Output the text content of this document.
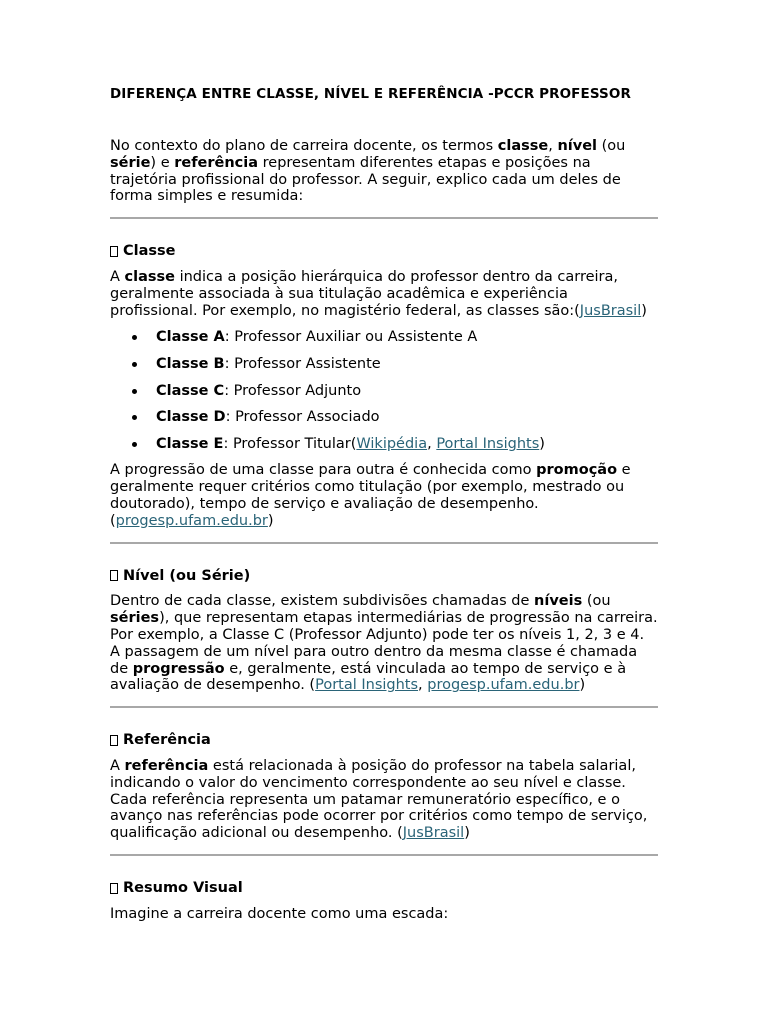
DIFERENÇA ENTRE CLASSE, NÍVEL E REFERÊNCIA -PCCR PROFESSOR

No contexto do plano de carreira docente, os termos classe, nível (ou série) e referência representam diferentes etapas e posições na trajetória profissional do professor. A seguir, explico cada um deles de forma simples e resumida:

Classe

A classe indica a posição hierárquica do professor dentro da carreira, geralmente associada à sua titulação acadêmica e experiência profissional. Por exemplo, no magistério federal, as classes são:(JusBrasil)

Classe A: Professor Auxiliar ou Assistente A
Classe B: Professor Assistente
Classe C: Professor Adjunto
Classe D: Professor Associado
Classe E: Professor Titular(Wikipédia, Portal Insights)

A progressão de uma classe para outra é conhecida como promoção e geralmente requer critérios como titulação (por exemplo, mestrado ou doutorado), tempo de serviço e avaliação de desempenho. (progesp.ufam.edu.br)

Nível (ou Série)

Dentro de cada classe, existem subdivisões chamadas de níveis (ou séries), que representam etapas intermediárias de progressão na carreira. Por exemplo, a Classe C (Professor Adjunto) pode ter os níveis 1, 2, 3 e 4. A passagem de um nível para outro dentro da mesma classe é chamada de progressão e, geralmente, está vinculada ao tempo de serviço e à avaliação de desempenho. (Portal Insights, progesp.ufam.edu.br)

Referência

A referência está relacionada à posição do professor na tabela salarial, indicando o valor do vencimento correspondente ao seu nível e classe. Cada referência representa um patamar remuneratório específico, e o avanço nas referências pode ocorrer por critérios como tempo de serviço, qualificação adicional ou desempenho. (JusBrasil)

Resumo Visual

Imagine a carreira docente como uma escada:
